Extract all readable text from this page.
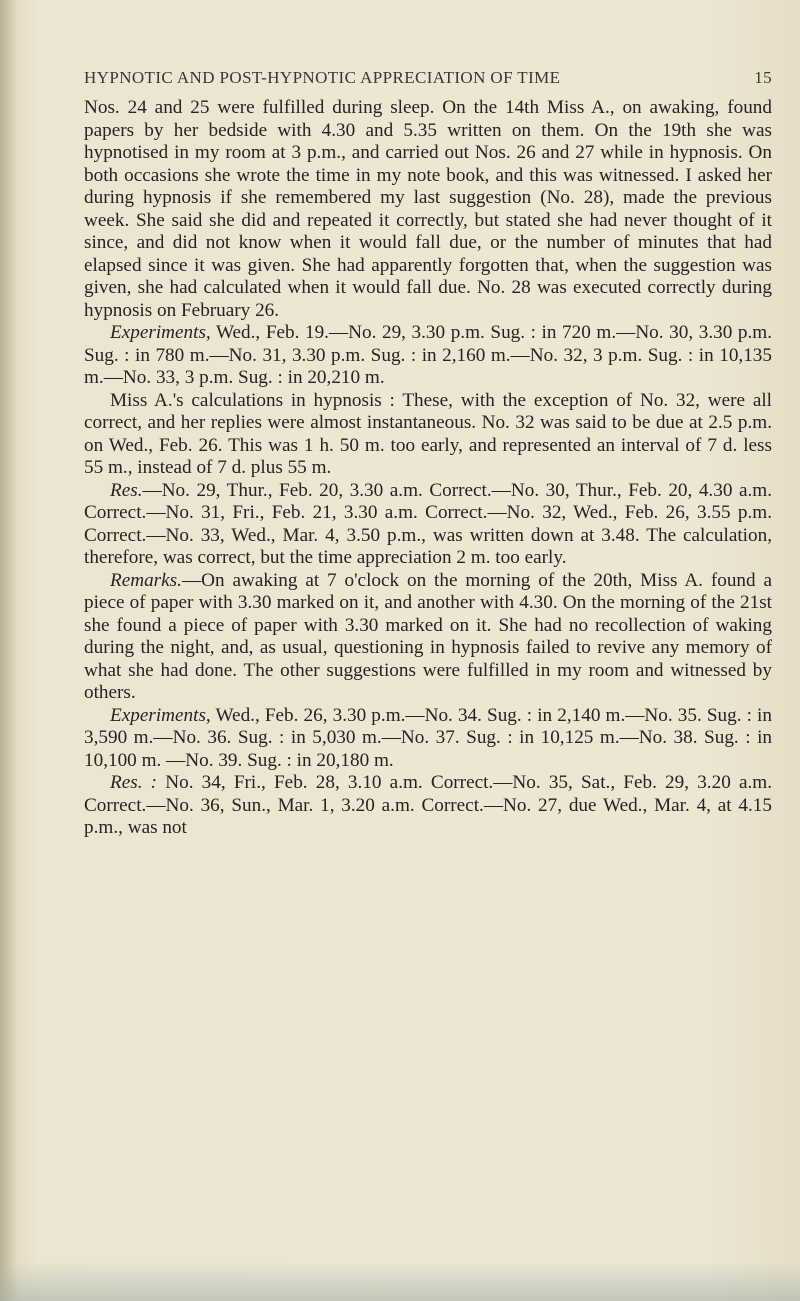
HYPNOTIC AND POST-HYPNOTIC APPRECIATION OF TIME	15

Nos. 24 and 25 were fulfilled during sleep. On the 14th Miss A., on awaking, found papers by her bedside with 4.30 and 5.35 written on them. On the 19th she was hypnotised in my room at 3 p.m., and carried out Nos. 26 and 27 while in hypnosis. On both occasions she wrote the time in my note book, and this was witnessed. I asked her during hypnosis if she remembered my last suggestion (No. 28), made the previous week. She said she did and repeated it correctly, but stated she had never thought of it since, and did not know when it would fall due, or the number of minutes that had elapsed since it was given. She had apparently forgotten that, when the suggestion was given, she had calculated when it would fall due. No. 28 was executed correctly during hypnosis on February 26.

Experiments, Wed., Feb. 19.—No. 29, 3.30 p.m. Sug. : in 720 m.—No. 30, 3.30 p.m. Sug. : in 780 m.—No. 31, 3.30 p.m. Sug. : in 2,160 m.—No. 32, 3 p.m. Sug. : in 10,135 m.—No. 33, 3 p.m. Sug. : in 20,210 m.

Miss A.'s calculations in hypnosis : These, with the exception of No. 32, were all correct, and her replies were almost instantaneous. No. 32 was said to be due at 2.5 p.m. on Wed., Feb. 26. This was 1 h. 50 m. too early, and represented an interval of 7 d. less 55 m., instead of 7 d. plus 55 m.

Res.—No. 29, Thur., Feb. 20, 3.30 a.m. Correct.—No. 30, Thur., Feb. 20, 4.30 a.m. Correct.—No. 31, Fri., Feb. 21, 3.30 a.m. Correct.—No. 32, Wed., Feb. 26, 3.55 p.m. Correct.—No. 33, Wed., Mar. 4, 3.50 p.m., was written down at 3.48. The calculation, therefore, was correct, but the time appreciation 2 m. too early.

Remarks.—On awaking at 7 o'clock on the morning of the 20th, Miss A. found a piece of paper with 3.30 marked on it, and another with 4.30. On the morning of the 21st she found a piece of paper with 3.30 marked on it. She had no recollection of waking during the night, and, as usual, questioning in hypnosis failed to revive any memory of what she had done. The other suggestions were fulfilled in my room and witnessed by others.

Experiments, Wed., Feb. 26, 3.30 p.m.—No. 34. Sug. : in 2,140 m.—No. 35. Sug. : in 3,590 m.—No. 36. Sug. : in 5,030 m.—No. 37. Sug. : in 10,125 m.—No. 38. Sug. : in 10,100 m. —No. 39. Sug. : in 20,180 m.

Res. : No. 34, Fri., Feb. 28, 3.10 a.m. Correct.—No. 35, Sat., Feb. 29, 3.20 a.m. Correct.—No. 36, Sun., Mar. 1, 3.20 a.m. Correct.—No. 27, due Wed., Mar. 4, at 4.15 p.m., was not
